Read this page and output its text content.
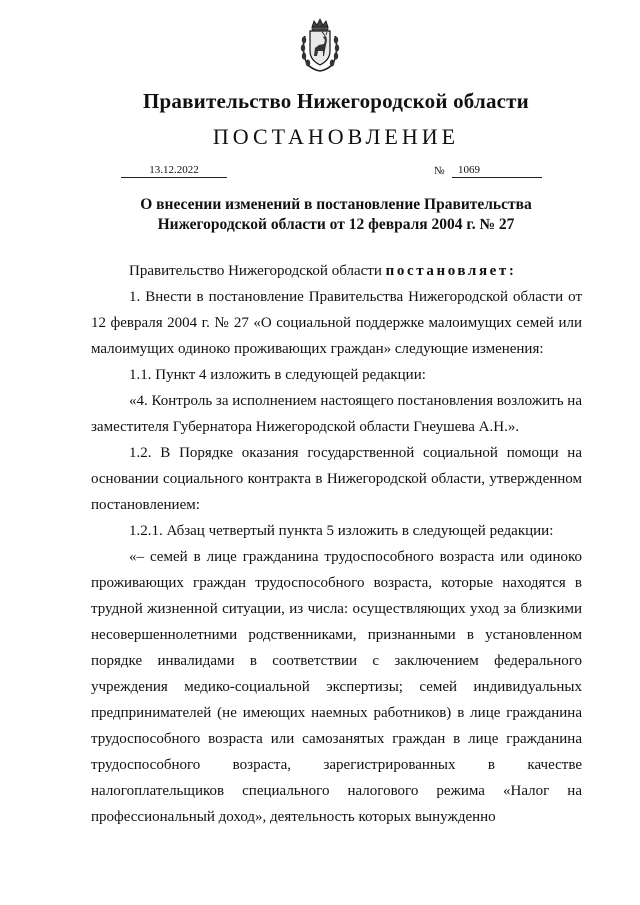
Правительство Нижегородской области
ПОСТАНОВЛЕНИЕ
13.12.2022	№	1069
О внесении изменений в постановление Правительства
Нижегородской области от 12 февраля 2004 г. № 27

Правительство Нижегородской области постановляет:

1. Внести в постановление Правительства Нижегородской области от 12 февраля 2004 г. № 27 «О социальной поддержке малоимущих семей или малоимущих одиноко проживающих граждан» следующие изменения:

1.1. Пункт 4 изложить в следующей редакции:

«4. Контроль за исполнением настоящего постановления возложить на заместителя Губернатора Нижегородской области Гнеушева А.Н.».

1.2. В Порядке оказания государственной социальной помощи на основании социального контракта в Нижегородской области, утвержденном постановлением:

1.2.1. Абзац четвертый пункта 5 изложить в следующей редакции:

«– семей в лице гражданина трудоспособного возраста или одиноко проживающих граждан трудоспособного возраста, которые находятся в трудной жизненной ситуации, из числа: осуществляющих уход за близкими несовершеннолетними родственниками, признанными в установленном порядке инвалидами в соответствии с заключением федерального учреждения медико-социальной экспертизы; семей индивидуальных предпринимателей (не имеющих наемных работников) в лице гражданина трудоспособного возраста или самозанятых граждан в лице гражданина трудоспособного возраста, зарегистрированных в качестве налогоплательщиков специального налогового режима «Налог на профессиональный доход», деятельность которых вынужденно
